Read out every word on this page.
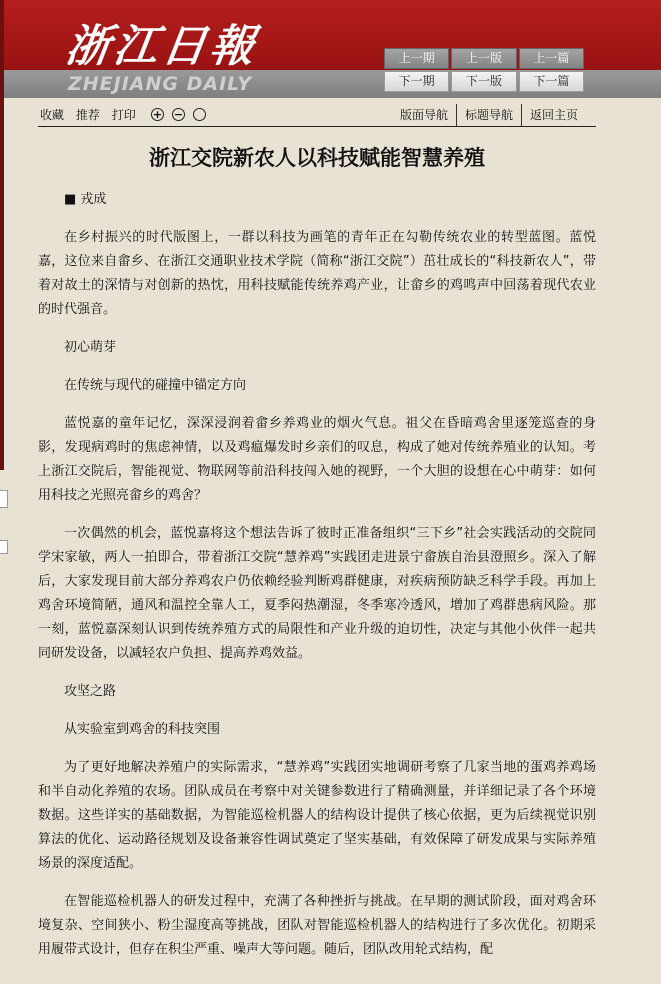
浙江日報
ZHEJIANG DAILY
上一期	上一版	上一篇
下一期	下一版	下一篇
收藏 推荐 打印	+ −	版面导航	标题导航	返回主页
浙江交院新农人以科技赋能智慧养殖

■ 戎成

在乡村振兴的时代版图上，一群以科技为画笔的青年正在勾勒传统农业的转型蓝图。蓝悦嘉，这位来自畲乡、在浙江交通职业技术学院（简称“浙江交院”）茁壮成长的“科技新农人”，带着对故土的深情与对创新的热忱，用科技赋能传统养鸡产业，让畲乡的鸡鸣声中回荡着现代农业的时代强音。

初心萌芽

在传统与现代的碰撞中锚定方向

蓝悦嘉的童年记忆，深深浸润着畲乡养鸡业的烟火气息。祖父在昏暗鸡舍里逐笼巡查的身影，发现病鸡时的焦虑神情，以及鸡瘟爆发时乡亲们的叹息，构成了她对传统养殖业的认知。考上浙江交院后，智能视觉、物联网等前沿科技闯入她的视野，一个大胆的设想在心中萌芽：如何用科技之光照亮畲乡的鸡舍？

一次偶然的机会，蓝悦嘉将这个想法告诉了彼时正准备组织“三下乡”社会实践活动的交院同学宋家敏，两人一拍即合，带着浙江交院“慧养鸡”实践团走进景宁畲族自治县澄照乡。深入了解后，大家发现目前大部分养鸡农户仍依赖经验判断鸡群健康，对疾病预防缺乏科学手段。再加上鸡舍环境简陋，通风和温控全靠人工，夏季闷热潮湿，冬季寒冷透风，增加了鸡群患病风险。那一刻，蓝悦嘉深刻认识到传统养殖方式的局限性和产业升级的迫切性，决定与其他小伙伴一起共同研发设备，以减轻农户负担、提高养鸡效益。

攻坚之路

从实验室到鸡舍的科技突围

为了更好地解决养殖户的实际需求，“慧养鸡”实践团实地调研考察了几家当地的蛋鸡养鸡场和半自动化养殖的农场。团队成员在考察中对关键参数进行了精确测量，并详细记录了各个环境数据。这些详实的基础数据，为智能巡检机器人的结构设计提供了核心依据，更为后续视觉识别算法的优化、运动路径规划及设备兼容性调试奠定了坚实基础，有效保障了研发成果与实际养殖场景的深度适配。

在智能巡检机器人的研发过程中，充满了各种挫折与挑战。在早期的测试阶段，面对鸡舍环境复杂、空间狭小、粉尘湿度高等挑战，团队对智能巡检机器人的结构进行了多次优化。初期采用履带式设计，但存在积尘严重、噪声大等问题。随后，团队改用轮式结构，配
